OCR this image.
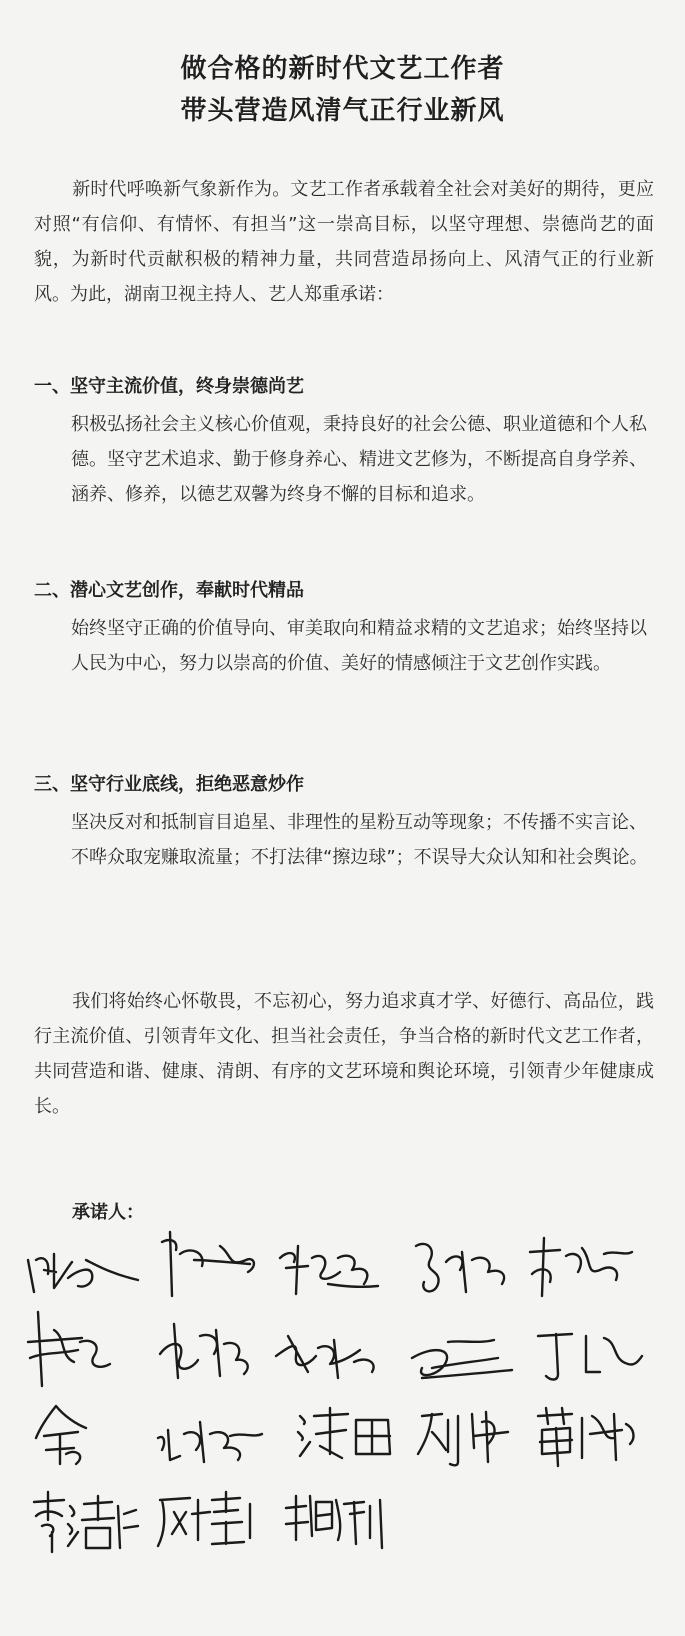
做合格的新时代文艺工作者
带头营造风清气正行业新风
新时代呼唤新气象新作为。文艺工作者承载着全社会对美好的期待，更应对照“有信仰、有情怀、有担当”这一崇高目标，以坚守理想、崇德尚艺的面貌，为新时代贡献积极的精神力量，共同营造昂扬向上、风清气正的行业新风。为此，湖南卫视主持人、艺人郑重承诺：
一、坚守主流价值，终身崇德尚艺
积极弘扬社会主义核心价值观，秉持良好的社会公德、职业道德和个人私德。坚守艺术追求、勤于修身养心、精进文艺修为，不断提高自身学养、涵养、修养，以德艺双馨为终身不懈的目标和追求。
二、潜心文艺创作，奉献时代精品
始终坚守正确的价值导向、审美取向和精益求精的文艺追求；始终坚持以人民为中心，努力以崇高的价值、美好的情感倾注于文艺创作实践。
三、坚守行业底线，拒绝恶意炒作
坚决反对和抵制盲目追星、非理性的星粉互动等现象；不传播不实言论、不哗众取宠赚取流量；不打法律“擦边球”；不误导大众认知和社会舆论。
我们将始终心怀敬畏，不忘初心，努力追求真才学、好德行、高品位，践行主流价值、引领青年文化、担当社会责任，争当合格的新时代文艺工作者，共同营造和谐、健康、清朗、有序的文艺环境和舆论环境，引领青少年健康成长。
承诺人：
